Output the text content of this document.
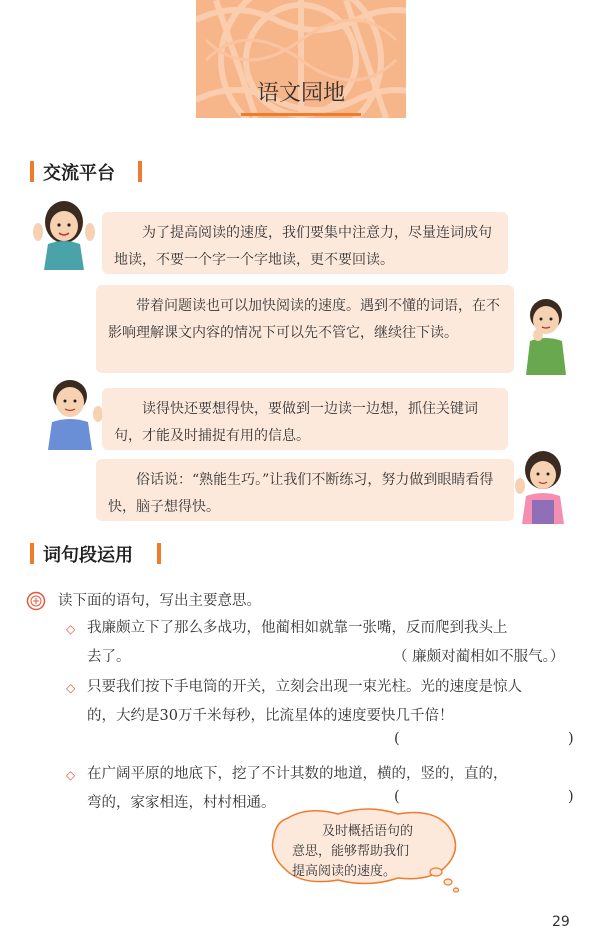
语文园地
交流平台

为了提高阅读的速度，我们要集中注意力，尽量连词成句地读，不要一个字一个字地读，更不要回读。

带着问题读也可以加快阅读的速度。遇到不懂的词语，在不影响理解课文内容的情况下可以先不管它，继续往下读。

读得快还要想得快，要做到一边读一边想，抓住关键词句，才能及时捕捉有用的信息。

俗话说：“熟能生巧。”让我们不断练习，努力做到眼睛看得快，脑子想得快。

词句段运用
读下面的语句，写出主要意思。
◇ 我廉颇立下了那么多战功，他蔺相如就靠一张嘴，反而爬到我头上
去了。	（ 廉颇对蔺相如不服气。）
◇ 只要我们按下手电筒的开关，立刻会出现一束光柱。光的速度是惊人
的，大约是30万千米每秒，比流星体的速度要快几千倍！
(	)
◇ 在广阔平原的地底下，挖了不计其数的地道，横的，竖的，直的，
弯的，家家相连，村村相通。	(	)
及时概括语句的
意思，能够帮助我们
提高阅读的速度。
29
